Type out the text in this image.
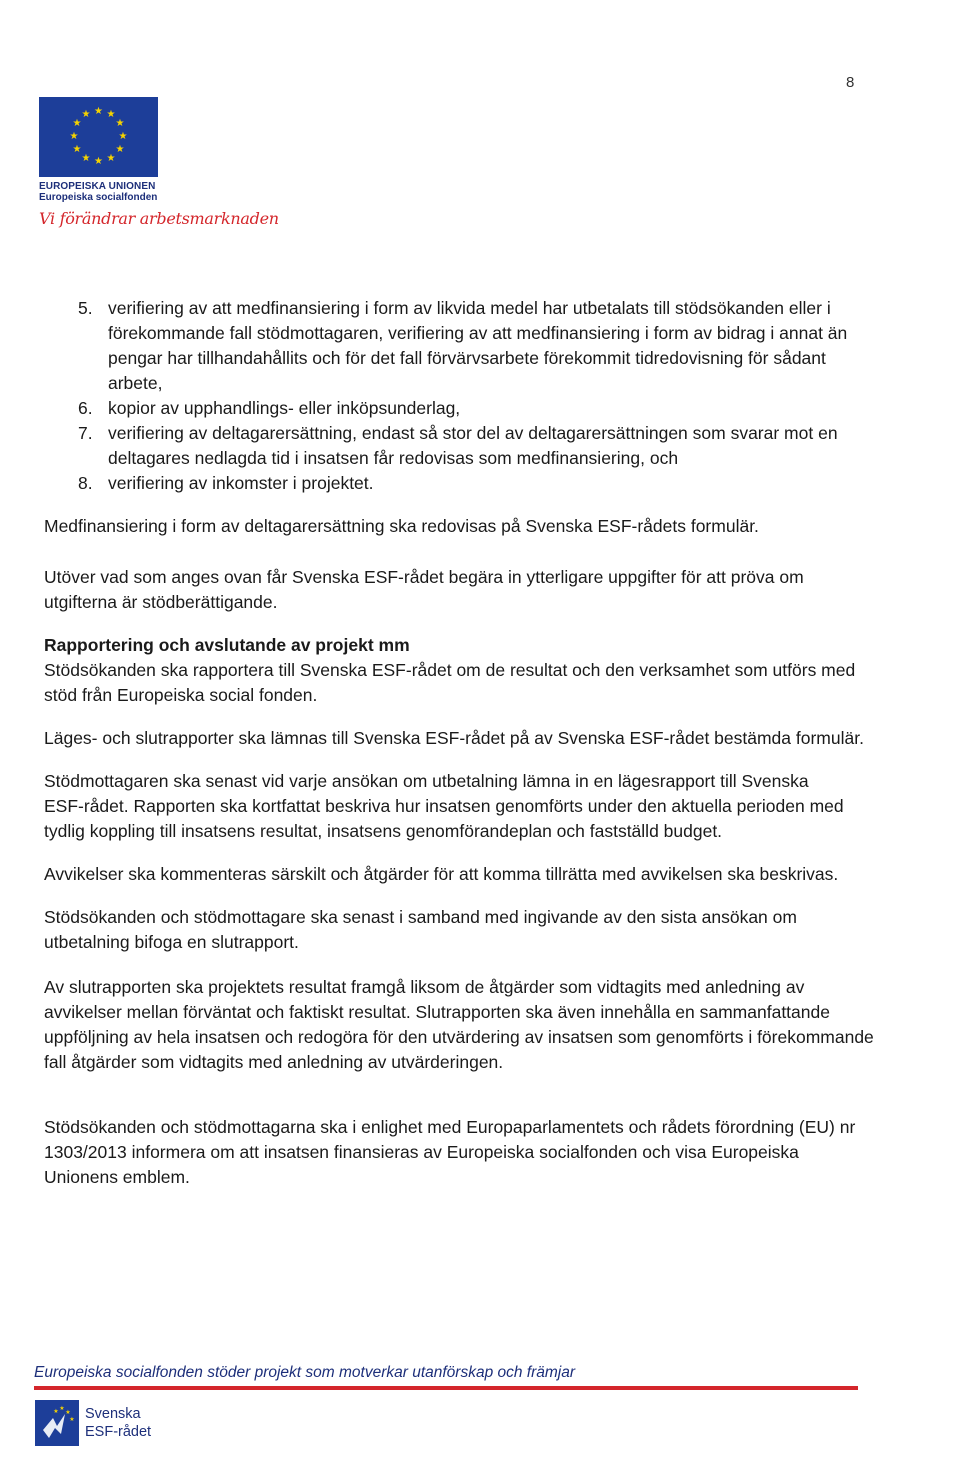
8
★ ★
★
★
★
★
★
★
★
★
★
★
EUROPEISKA UNIONEN
Europeiska socialfonden
Vi förändrar arbetsmarknaden
5. verifiering av att medfinansiering i form av likvida medel har utbetalats till stödsökanden eller i förekommande fall stödmottagaren, verifiering av att medfinansiering i form av bidrag i annat än pengar har tillhandahållits och för det fall förvärvsarbete förekommit tidredovisning för sådant arbete,
6. kopior av upphandlings- eller inköpsunderlag,
7. verifiering av deltagarersättning, endast så stor del av deltagarersättningen som svarar mot en deltagares nedlagda tid i insatsen får redovisas som medfinansiering, och
8. verifiering av inkomster i projektet.

Medfinansiering i form av deltagarersättning ska redovisas på Svenska ESF-rådets formulär.

Utöver vad som anges ovan får Svenska ESF-rådet begära in ytterligare uppgifter för att pröva om utgifterna är stödberättigande.

Rapportering och avslutande av projekt mm

Stödsökanden ska rapportera till Svenska ESF-rådet om de resultat och den verksamhet som utförs med stöd från Europeiska social fonden.

Läges- och slutrapporter ska lämnas till Svenska ESF-rådet på av Svenska ESF-rådet bestämda formulär.

Stödmottagaren ska senast vid varje ansökan om utbetalning lämna in en lägesrapport till Svenska
ESF-rådet. Rapporten ska kortfattat beskriva hur insatsen genomförts under den aktuella perioden med tydlig koppling till insatsens resultat, insatsens genomförandeplan och fastställd budget.

Avvikelser ska kommenteras särskilt och åtgärder för att komma tillrätta med avvikelsen ska beskrivas.

Stödsökanden och stödmottagare ska senast i samband med ingivande av den sista ansökan om utbetalning bifoga en slutrapport.

Av slutrapporten ska projektets resultat framgå liksom de åtgärder som vidtagits med anledning av avvikelser mellan förväntat och faktiskt resultat. Slutrapporten ska även innehålla en sammanfattande uppföljning av hela insatsen och redogöra för den utvärdering av insatsen som genomförts i förekommande fall åtgärder som vidtagits med anledning av utvärderingen.

Stödsökanden och stödmottagarna ska i enlighet med Europaparlamentets och rådets förordning (EU) nr 1303/2013 informera om att insatsen finansieras av Europeiska socialfonden och visa Europeiska Unionens emblem.

Europeiska socialfonden stöder projekt som motverkar utanförskap och främjar
★
★
★
★ Svenska
ESF-rådet
